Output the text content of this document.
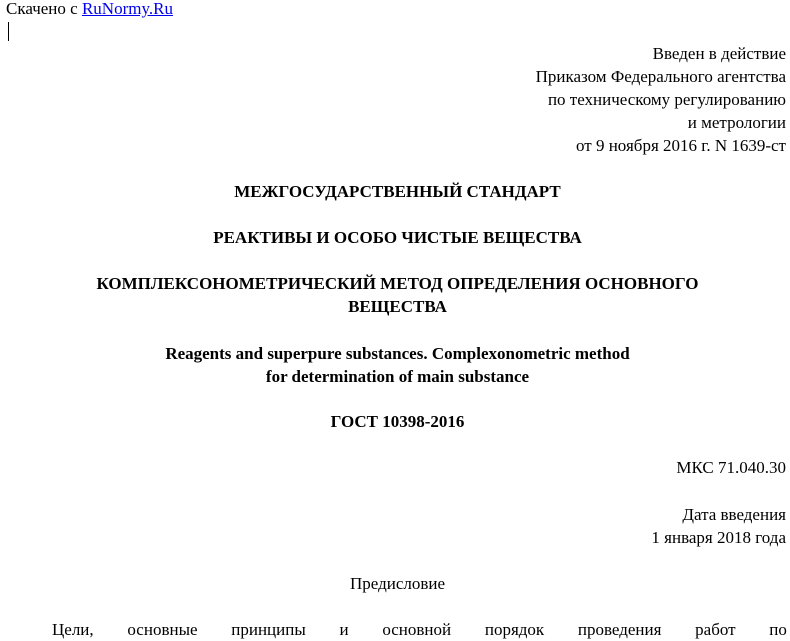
Скачено с RuNormy.Ru
Введен в действие
Приказом Федерального агентства
по техническому регулированию
и метрологии
от 9 ноября 2016 г. N 1639-ст
МЕЖГОСУДАРСТВЕННЫЙ СТАНДАРТ
РЕАКТИВЫ И ОСОБО ЧИСТЫЕ ВЕЩЕСТВА
КОМПЛЕКСОНОМЕТРИЧЕСКИЙ МЕТОД ОПРЕДЕЛЕНИЯ ОСНОВНОГО
ВЕЩЕСТВА
Reagents and superpure substances. Complexonometric method
for determination of main substance
ГОСТ 10398-2016
МКС 71.040.30
Дата введения
1 января 2018 года
Предисловие
Цели, основные принципы и основной порядок проведения работ по
